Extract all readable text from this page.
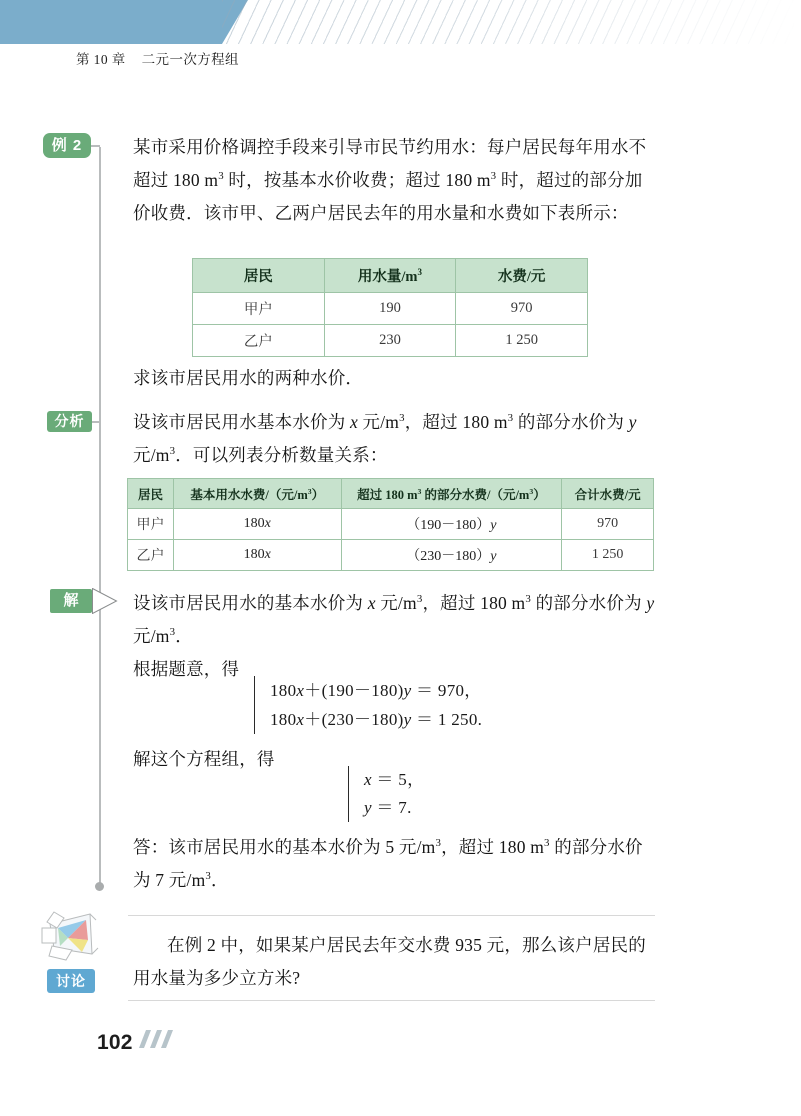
第 10 章 二元一次方程组
例 2	某市采用价格调控手段来引导市民节约用水：每户居民每年用水不超过 180 $m^3$ 时，按基本水价收费；超过 180 $m^3$ 时，超过的部分加价收费．该市甲、乙两户居民去年的用水量和水费如下表所示：
居民	用水量$/m^3$	水费/元
甲户	190	970
乙户	230	1 250
求该市居民用水的两种水价．
分析	设该市居民用水基本水价为 x 元$/m^3$，超过 180 $m^3$ 的部分水价为 y 元$/m^3$．可以列表分析数量关系：
居民	基本用水水费/（元$/m^3$）	超过 180 $m^3$ 的部分水费/（元$/m^3$）	合计水费/元
甲户	180x	（190－180）y	970
乙户	180x	（230－180）y	1 250
解	设该市居民用水的基本水价为 x 元$/m^3$，超过 180 $m^3$ 的部分水价为 y 元$/m^3$．
根据题意，得
180x＋(190－180)y ＝ 970，
180x＋(230－180)y ＝ 1 250.
解这个方程组，得
x ＝ 5，
y ＝ 7.
答：该市居民用水的基本水价为 5 元$/m^3$，超过 180 $m^3$ 的部分水价为 7 元$/m^3$．
讨论
在例 2 中，如果某户居民去年交水费 935 元，那么该户居民的用水量为多少立方米?
102
